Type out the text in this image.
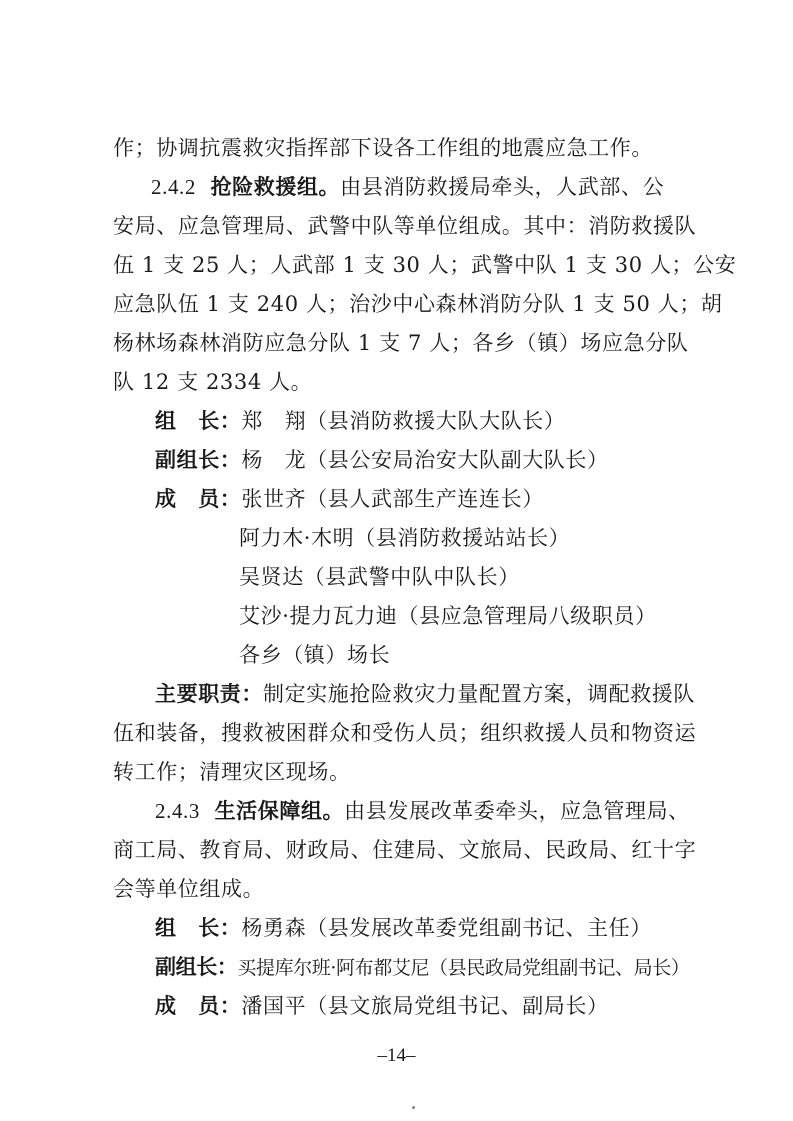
作；协调抗震救灾指挥部下设各工作组的地震应急工作。
2.4.2 抢险救援组。由县消防救援局牵头，人武部、公
安局、应急管理局、武警中队等单位组成。其中：消防救援队
伍 1 支 25 人；人武部 1 支 30 人；武警中队 1 支 30 人；公安
应急队伍 1 支 240 人；治沙中心森林消防分队 1 支 50 人；胡
杨林场森林消防应急分队 1 支 7 人；各乡（镇）场应急分队
队 12 支 2334 人。
组　长：郑　翔（县消防救援大队大队长）
副组长：杨　龙（县公安局治安大队副大队长）
成　员：张世齐（县人武部生产连连长）
阿力木·木明（县消防救援站站长）
吴贤达（县武警中队中队长）
艾沙·提力瓦力迪（县应急管理局八级职员）
各乡（镇）场长
主要职责：制定实施抢险救灾力量配置方案，调配救援队
伍和装备，搜救被困群众和受伤人员；组织救援人员和物资运
转工作；清理灾区现场。
2.4.3 生活保障组。由县发展改革委牵头，应急管理局、
商工局、教育局、财政局、住建局、文旅局、民政局、红十字
会等单位组成。
组　长：杨勇森（县发展改革委党组副书记、主任）
副组长：买提库尔班·阿布都艾尼（县民政局党组副书记、局长）
成　员：潘国平（县文旅局党组书记、副局长）
–14–
